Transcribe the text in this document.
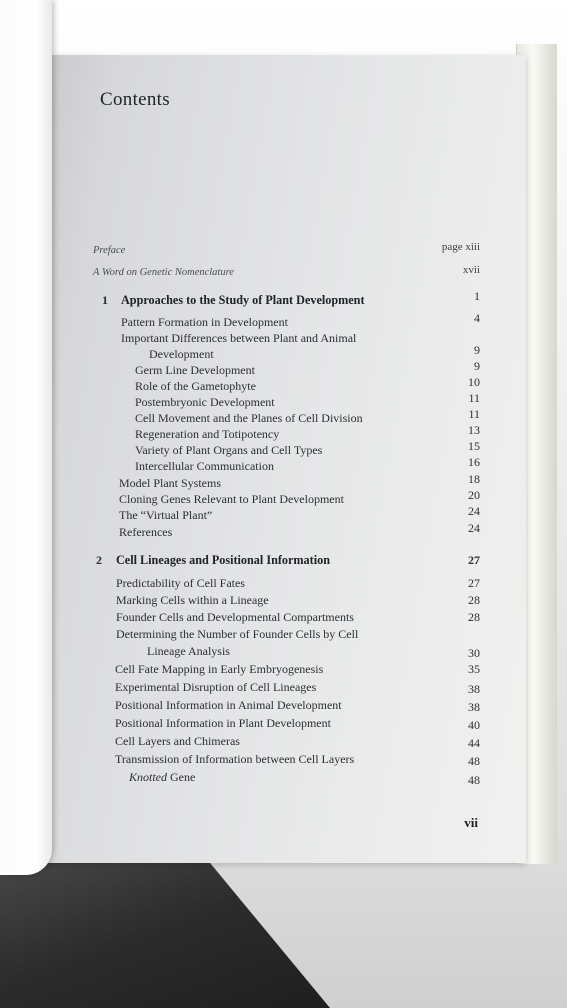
Contents
Preface	page xiii
A Word on Genetic Nomenclature	xvii
1 Approaches to the Study of Plant Development	1
Pattern Formation in Development	4
Important Differences between Plant and Animal
Development	9
Germ Line Development	9
Role of the Gametophyte	10
Postembryonic Development	11
Cell Movement and the Planes of Cell Division	11
Regeneration and Totipotency	13
Variety of Plant Organs and Cell Types	15
Intercellular Communication	16
Model Plant Systems	18
Cloning Genes Relevant to Plant Development	20
The “Virtual Plant”	24
References	24
2 Cell Lineages and Positional Information	27
Predictability of Cell Fates	27
Marking Cells within a Lineage	28
Founder Cells and Developmental Compartments	28
Determining the Number of Founder Cells by Cell
Lineage Analysis	30
Cell Fate Mapping in Early Embryogenesis	35
Experimental Disruption of Cell Lineages	38
Positional Information in Animal Development	38
Positional Information in Plant Development	40
Cell Layers and Chimeras	44
Transmission of Information between Cell Layers	48
Knotted Gene	48
vii
